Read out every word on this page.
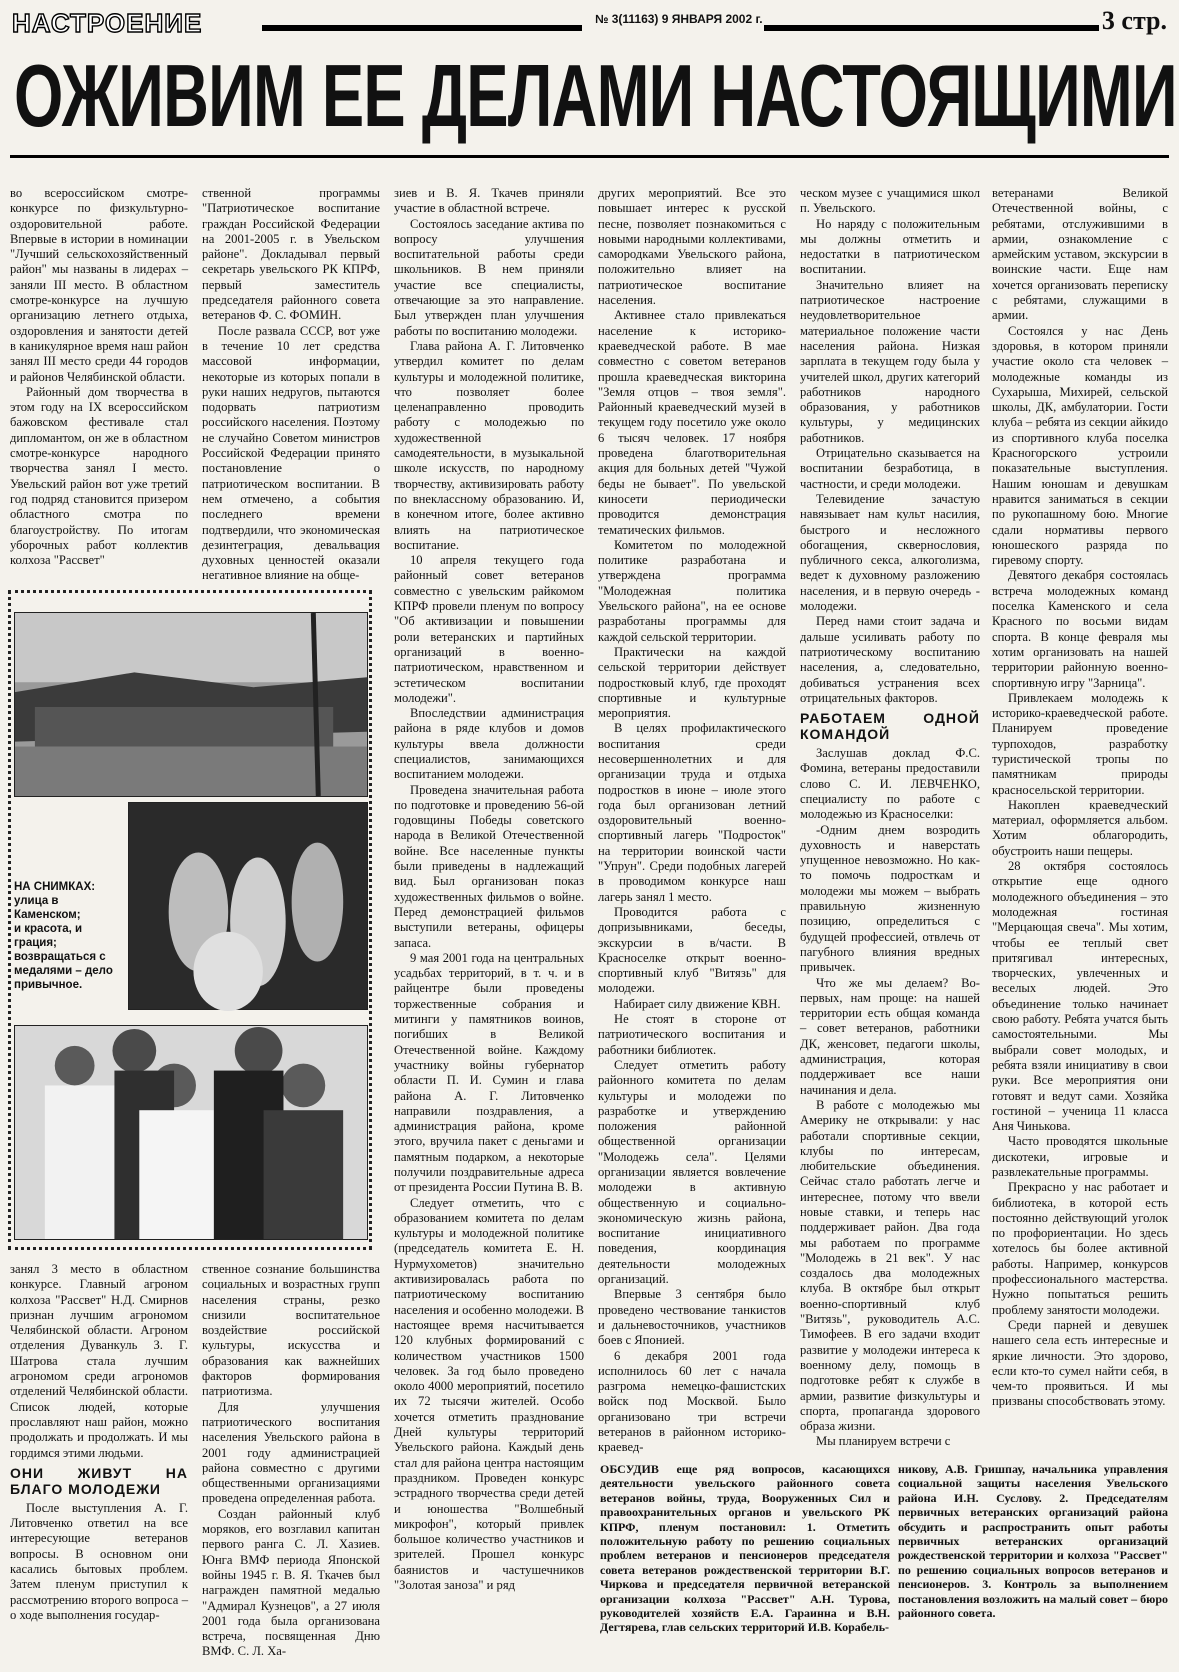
НАСТРОЕНИЕ	№ 3(11163) 9 ЯНВАРЯ 2002 г.	3 стр.
ОЖИВИМ ЕЕ ДЕЛАМИ НАСТОЯЩИМИ

во всероссийском смотре-конкурсе по физкультурно-оздоровительной работе. Впервые в истории в номинации "Лучший сельскохозяйственный район" мы названы в лидерах – заняли III место. В областном смотре-конкурсе на лучшую организацию летнего отдыха, оздоровления и занятости детей в каникулярное время наш район занял III место среди 44 городов и районов Челябинской области.

Районный дом творчества в этом году на IX всероссийском бажовском фестивале стал дипломантом, он же в областном смотре-конкурсе народного творчества занял I место. Увельский район вот уже третий год подряд становится призером областного смотра по благоустройству. По итогам уборочных работ коллектив колхоза "Рассвет"

ственной программы "Патриотическое воспитание граждан Российской Федерации на 2001-2005 г. в Увельском районе". Докладывал первый секретарь увельского РК КПРФ, первый заместитель председателя районного совета ветеранов Ф. С. ФОМИН.

После развала СССР, вот уже в течение 10 лет средства массовой информации, некоторые из которых попали в руки наших недругов, пытаются подорвать патриотизм российского населения. Поэтому не случайно Советом министров Российской Федерации принято постановление о патриотическом воспитании. В нем отмечено, а события последнего времени подтвердили, что экономическая дезинтеграция, девальвация духовных ценностей оказали негативное влияние на обще-

НА СНИМКАХ:
улица в Каменском;
и красота, и грация;
возвращаться с медалями – дело привычное.

занял 3 место в областном конкурсе. Главный агроном колхоза "Рассвет" Н.Д. Смирнов признан лучшим агрономом Челябинской области. Агроном отделения Дуванкуль З. Г. Шатрова стала лучшим агрономом среди агрономов отделений Челябинской области. Список людей, которые прославляют наш район, можно продолжать и продолжать. И мы гордимся этими людьми.

ОНИ ЖИВУТ НА БЛАГО МОЛОДЕЖИ

После выступления А. Г. Литовченко ответил на все интересующие ветеранов вопросы. В основном они касались бытовых проблем. Затем пленум приступил к рассмотрению второго вопроса – о ходе выполнения государ-

ственное сознание большинства социальных и возрастных групп населения страны, резко снизили воспитательное воздействие российской культуры, искусства и образования как важнейших факторов формирования патриотизма.

Для улучшения патриотического воспитания населения Увельского района в 2001 году администрацией района совместно с другими общественными организациями проведена определенная работа.

Создан районный клуб моряков, его возглавил капитан первого ранга С. Л. Хазиев. Юнга ВМФ периода Японской войны 1945 г. В. Я. Ткачев был награжден памятной медалью "Адмирал Кузнецов", а 27 июля 2001 года была организована встреча, посвященная Дню ВМФ. С. Л. Ха-

зиев и В. Я. Ткачев приняли участие в областной встрече.

Состоялось заседание актива по вопросу улучшения воспитательной работы среди школьников. В нем приняли участие все специалисты, отвечающие за это направление. Был утвержден план улучшения работы по воспитанию молодежи.

Глава района А. Г. Литовченко утвердил комитет по делам культуры и молодежной политике, что позволяет более целенаправленно проводить работу с молодежью по художественной самодеятельности, в музыкальной школе искусств, по народному творчеству, активизировать работу по внеклассному образованию. И, в конечном итоге, более активно влиять на патриотическое воспитание.

10 апреля текущего года районный совет ветеранов совместно с увельским райкомом КПРФ провели пленум по вопросу "Об активизации и повышении роли ветеранских и партийных организаций в военно-патриотическом, нравственном и эстетическом воспитании молодежи".

Впоследствии администрация района в ряде клубов и домов культуры ввела должности специалистов, занимающихся воспитанием молодежи.

Проведена значительная работа по подготовке и проведению 56-ой годовщины Победы советского народа в Великой Отечественной войне. Все населенные пункты были приведены в надлежащий вид. Был организован показ художественных фильмов о войне. Перед демонстрацией фильмов выступили ветераны, офицеры запаса.

9 мая 2001 года на центральных усадьбах территорий, в т. ч. и в райцентре были проведены торжественные собрания и митинги у памятников воинов, погибших в Великой Отечественной войне. Каждому участнику войны губернатор области П. И. Сумин и глава района А. Г. Литовченко направили поздравления, а администрация района, кроме этого, вручила пакет с деньгами и памятным подарком, а некоторые получили поздравительные адреса от президента России Путина В. В.

Следует отметить, что с образованием комитета по делам культуры и молодежной политике (председатель комитета Е. Н. Нурмухометов) значительно активизировалась работа по патриотическому воспитанию населения и особенно молодежи. В настоящее время насчитывается 120 клубных формирований с количеством участников 1500 человек. За год было проведено около 4000 мероприятий, посетило их 72 тысячи жителей. Особо хочется отметить празднование Дней культуры территорий Увельского района. Каждый день стал для района центра настоящим праздником. Проведен конкурс эстрадного творчества среди детей и юношества "Волшебный микрофон", который привлек большое количество участников и зрителей. Прошел конкурс баянистов и частушечников "Золотая заноза" и ряд

других мероприятий. Все это повышает интерес к русской песне, позволяет познакомиться с новыми народными коллективами, самородками Увельского района, положительно влияет на патриотическое воспитание населения.

Активнее стало привлекаться население к историко-краеведческой работе. В мае совместно с советом ветеранов прошла краеведческая викторина "Земля отцов – твоя земля". Районный краеведческий музей в текущем году посетило уже около 6 тысяч человек. 17 ноября проведена благотворительная акция для больных детей "Чужой беды не бывает". По увельской киносети периодически проводится демонстрация тематических фильмов.

Комитетом по молодежной политике разработана и утверждена программа "Молодежная политика Увельского района", на ее основе разработаны программы для каждой сельской территории.

Практически на каждой сельской территории действует подростковый клуб, где проходят спортивные и культурные мероприятия.

В целях профилактического воспитания среди несовершеннолетних и для организации труда и отдыха подростков в июне – июле этого года был организован летний оздоровительный военно-спортивный лагерь "Подросток" на территории воинской части "Упрун". Среди подобных лагерей в проводимом конкурсе наш лагерь занял 1 место.

Проводится работа с допризывниками, беседы, экскурсии в в/части. В Красноселке открыт военно-спортивный клуб "Витязь" для молодежи.

Набирает силу движение КВН.

Не стоят в стороне от патриотического воспитания и работники библиотек.

Следует отметить работу районного комитета по делам культуры и молодежи по разработке и утверждению положения районной общественной организации "Молодежь села". Целями организации является вовлечение молодежи в активную общественную и социально-экономическую жизнь района, воспитание инициативного поведения, координация деятельности молодежных организаций.

Впервые 3 сентября было проведено чествование танкистов и дальневосточников, участников боев с Японией.

6 декабря 2001 года исполнилось 60 лет с начала разгрома немецко-фашистских войск под Москвой. Было организовано три встречи ветеранов в районном историко-краевед-

ческом музее с учащимися школ п. Увельского.

Но наряду с положительным мы должны отметить и недостатки в патриотическом воспитании.

Значительно влияет на патриотическое настроение неудовлетворительное материальное положение части населения района. Низкая зарплата в текущем году была у учителей школ, других категорий работников народного образования, у работников культуры, у медицинских работников.

Отрицательно сказывается на воспитании безработица, в частности, и среди молодежи.

Телевидение зачастую навязывает нам культ насилия, быстрого и несложного обогащения, сквернословия, публичного секса, алкоголизма, ведет к духовному разложению населения, и в первую очередь - молодежи.

Перед нами стоит задача и дальше усиливать работу по патриотическому воспитанию населения, а, следовательно, добиваться устранения всех отрицательных факторов.

РАБОТАЕМ ОДНОЙ КОМАНДОЙ

Заслушав доклад Ф.С. Фомина, ветераны предоставили слово С. И. ЛЕВЧЕНКО, специалисту по работе с молодежью из Красноселки:

-Одним днем возродить духовность и наверстать упущенное невозможно. Но как-то помочь подросткам и молодежи мы можем – выбрать правильную жизненную позицию, определиться с будущей профессией, отвлечь от пагубного влияния вредных привычек.

Что же мы делаем? Во-первых, нам проще: на нашей территории есть общая команда – совет ветеранов, работники ДК, женсовет, педагоги школы, администрация, которая поддерживает все наши начинания и дела.

В работе с молодежью мы Америку не открывали: у нас работали спортивные секции, клубы по интересам, любительские объединения. Сейчас стало работать легче и интереснее, потому что ввели новые ставки, и теперь нас поддерживает район. Два года мы работаем по программе "Молодежь в 21 век". У нас создалось два молодежных клуба. В октябре был открыт военно-спортивный клуб "Витязь", руководитель А.С. Тимофеев. В его задачи входит развитие у молодежи интереса к военному делу, помощь в подготовке ребят к службе в армии, развитие физкультуры и спорта, пропаганда здорового образа жизни.

Мы планируем встречи с

ветеранами Великой Отечественной войны, с ребятами, отслужившими в армии, ознакомление с армейским уставом, экскурсии в воинские части. Еще нам хочется организовать переписку с ребятами, служащими в армии.

Состоялся у нас День здоровья, в котором приняли участие около ста человек – молодежные команды из Сухарыша, Михирей, сельской школы, ДК, амбулатории. Гости клуба – ребята из секции айкидо из спортивного клуба поселка Красногорского устроили показательные выступления. Нашим юношам и девушкам нравится заниматься в секции по рукопашному бою. Многие сдали нормативы первого юношеского разряда по гиревому спорту.

Девятого декабря состоялась встреча молодежных команд поселка Каменского и села Красного по восьми видам спорта. В конце февраля мы хотим организовать на нашей территории районную военно-спортивную игру "Зарница".

Привлекаем молодежь к историко-краеведческой работе. Планируем проведение турпоходов, разработку туристической тропы по памятникам природы красносельской территории.

Накоплен краеведческий материал, оформляется альбом. Хотим облагородить, обустроить наши пещеры.

28 октября состоялось открытие еще одного молодежного объединения – это молодежная гостиная "Мерцающая свеча". Мы хотим, чтобы ее теплый свет притягивал интересных, творческих, увлеченных и веселых людей. Это объединение только начинает свою работу. Ребята учатся быть самостоятельными. Мы выбрали совет молодых, и ребята взяли инициативу в свои руки. Все мероприятия они готовят и ведут сами. Хозяйка гостиной – ученица 11 класса Аня Чинькова.

Часто проводятся школьные дискотеки, игровые и развлекательные программы.

Прекрасно у нас работает и библиотека, в которой есть постоянно действующий уголок по профориентации. Но здесь хотелось бы более активной работы. Например, конкурсов профессионального мастерства. Нужно попытаться решить проблему занятости молодежи.

Среди парней и девушек нашего села есть интересные и яркие личности. Это здорово, если кто-то сумел найти себя, в чем-то проявиться. И мы призваны способствовать этому.

ОБСУДИВ еще ряд вопросов, касающихся деятельности увельского районного совета ветеранов войны, труда, Вооруженных Сил и правоохранительных органов и увельского РК КПРФ, пленум постановил: 1. Отметить положительную работу по решению социальных проблем ветеранов и пенсионеров председателя совета ветеранов рождественской территории В.Г. Чиркова и председателя первичной ветеранской организации колхоза "Рассвет" А.Н. Турова, руководителей хозяйств Е.А. Гараинна и В.Н. Дегтярева, глав сельских территорий И.В. Корабель-

никову, А.В. Гришпау, начальника управления социальной защиты населения Увельского района И.Н. Суслову. 2. Председателям первичных ветеранских организаций района обсудить и распространить опыт работы первичных ветеранских организаций рождественской территории и колхоза "Рассвет" по решению социальных вопросов ветеранов и пенсионеров. 3. Контроль за выполнением постановления возложить на малый совет – бюро районного совета.
